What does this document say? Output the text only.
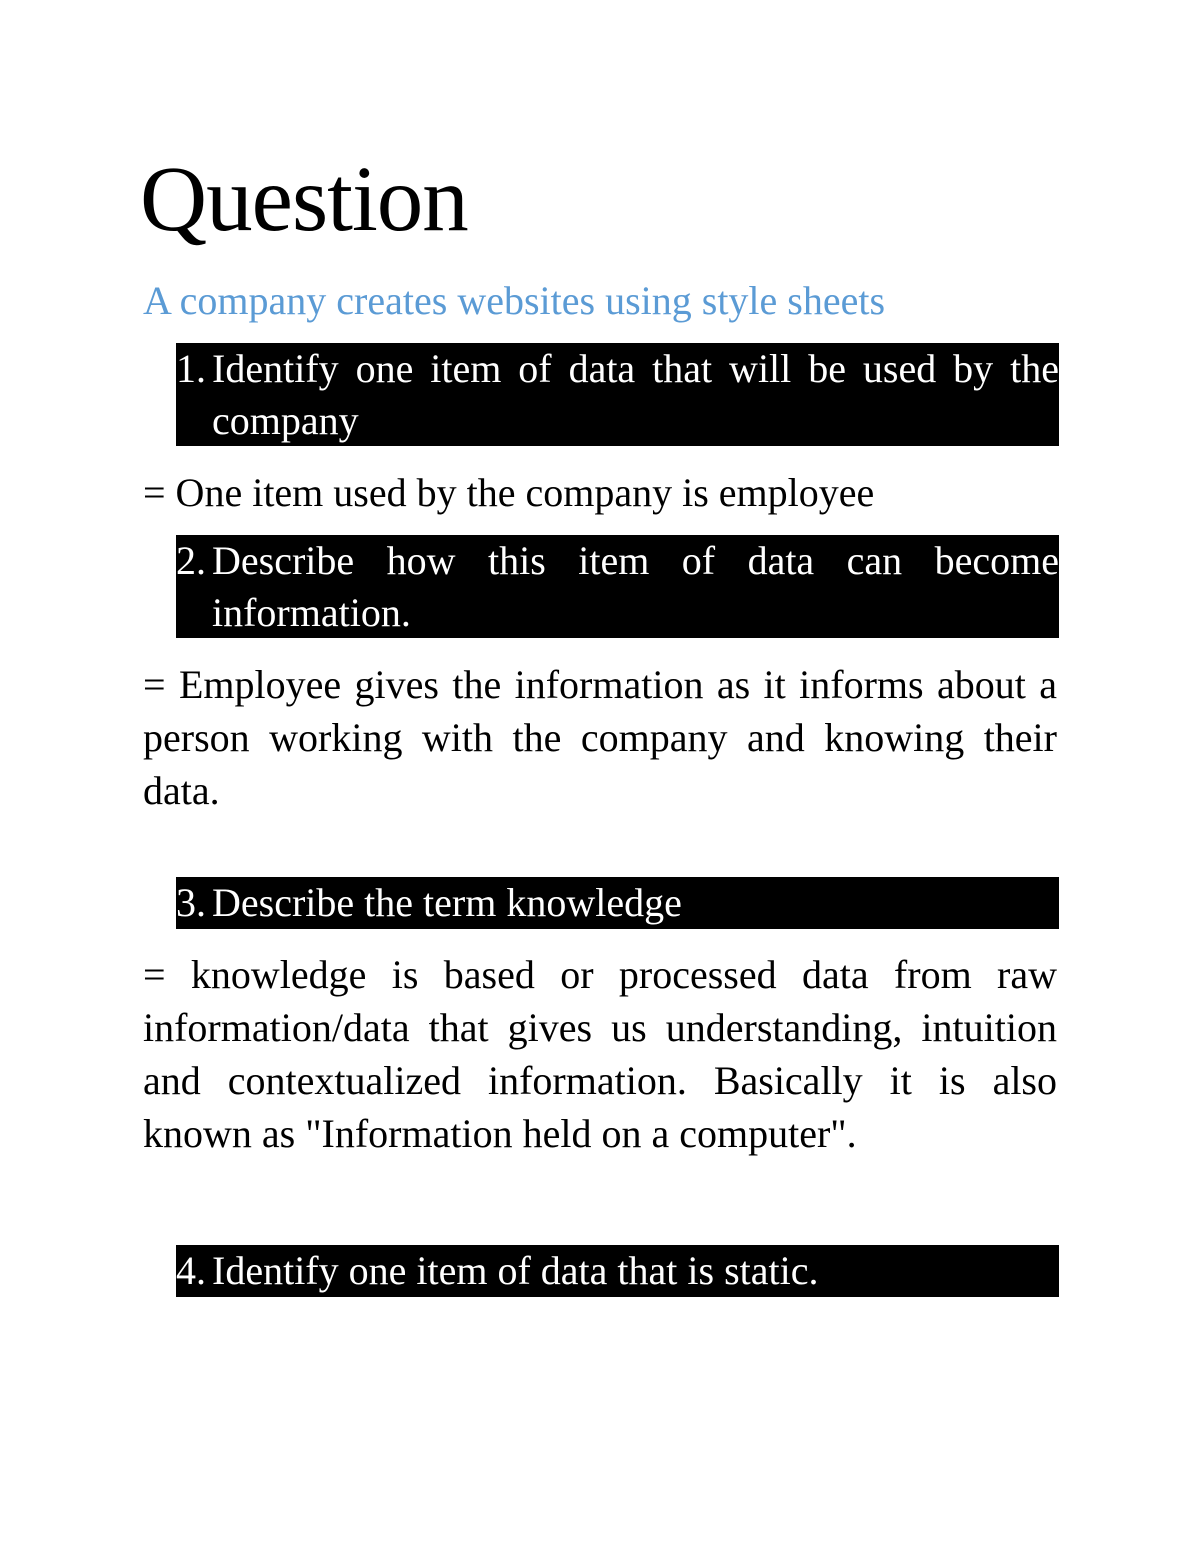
Question
A company creates websites using style sheets
1. Identify one item of data that will be used by the company
= One item used by the company is employee
2. Describe how this item of data can become information.
= Employee gives the information as it informs about a person working with the company and knowing their data.
3. Describe the term knowledge
= knowledge is based or processed data from raw information/data that gives us understanding, intuition and contextualized information. Basically it is also known as "Information held on a computer".
4. Identify one item of data that is static.
